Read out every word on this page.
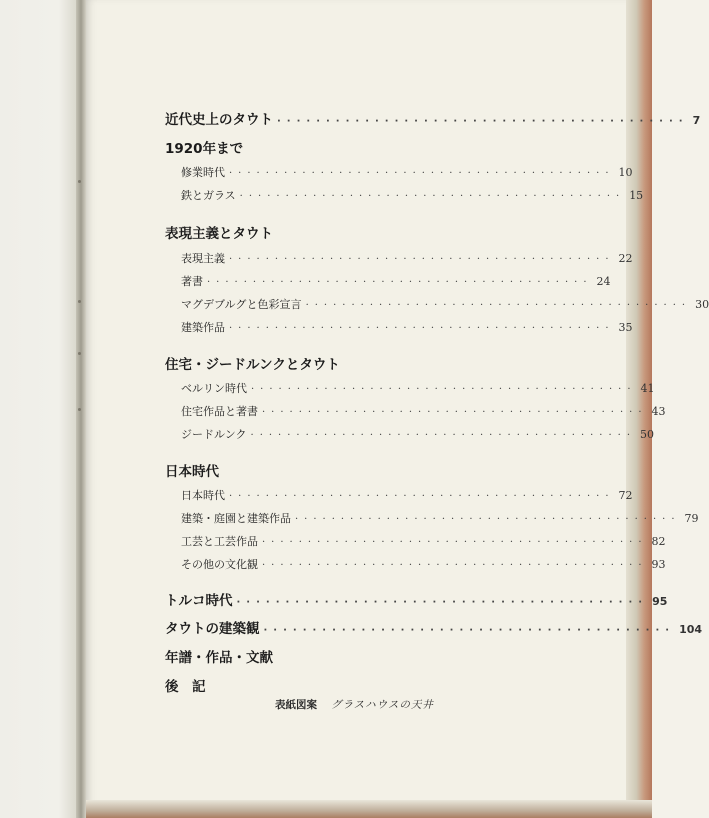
近代史上のタウト ·········································· 7
1920年まで
修業時代 ·········································· 10
鉄とガラス ·········································· 15
表現主義とタウト
表現主義 ·········································· 22
著書 ·········································· 24
マグデブルグと色彩宣言 ·········································· 30
建築作品 ·········································· 35
住宅・ジードルンクとタウト
ベルリン時代 ·········································· 41
住宅作品と著書 ·········································· 43
ジードルンク ·········································· 50
日本時代
日本時代 ·········································· 72
建築・庭園と建築作品 ·········································· 79
工芸と工芸作品 ·········································· 82
その他の文化観 ·········································· 93
トルコ時代 ·········································· 95
タウトの建築観 ·········································· 104
年譜・作品・文献
後　記
表紙図案 グラスハウスの天井
